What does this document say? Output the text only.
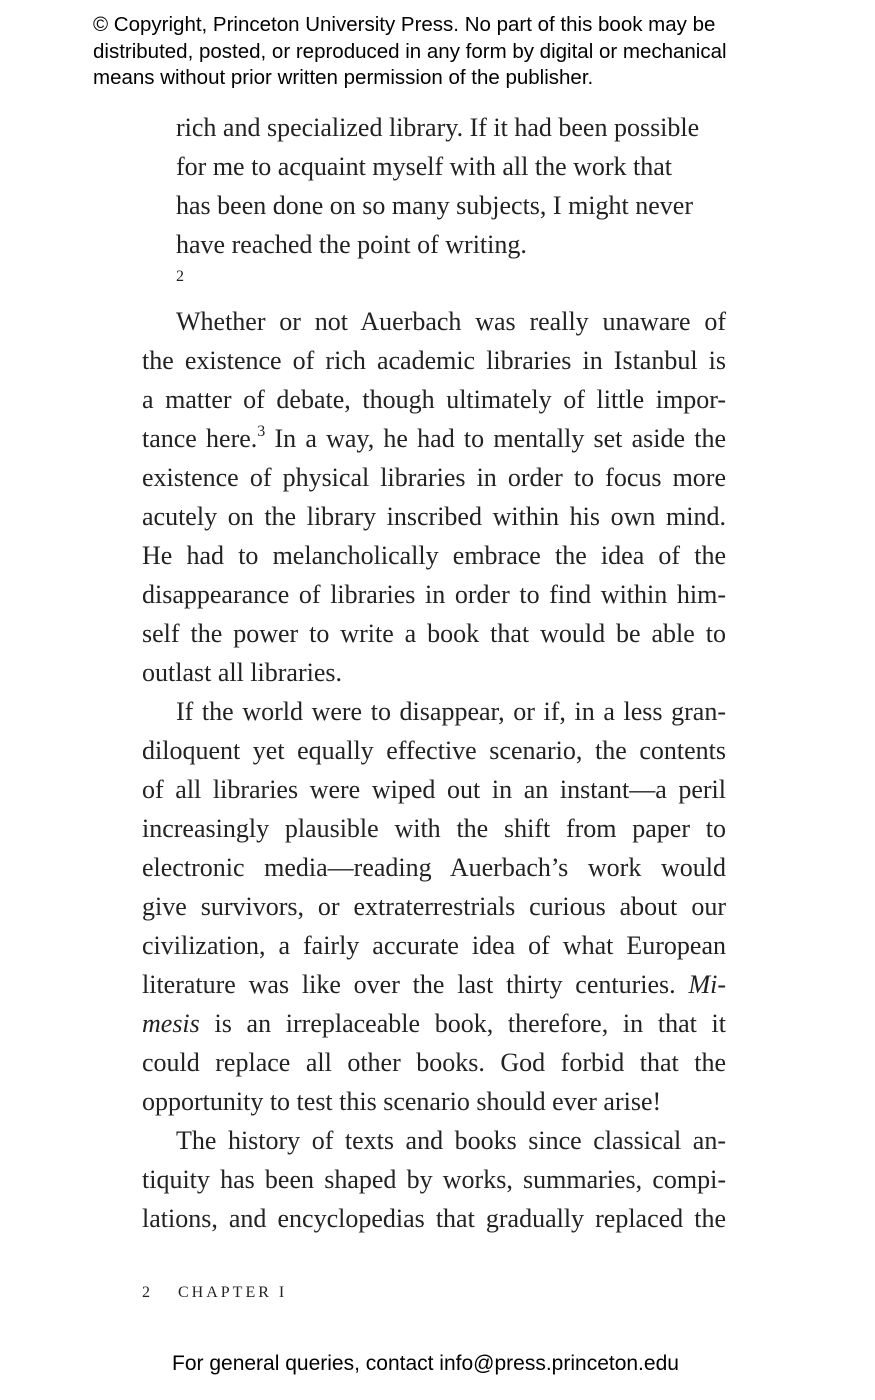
© Copyright, Princeton University Press. No part of this book may be
distributed, posted, or reproduced in any form by digital or mechanical
means without prior written permission of the publisher.
rich and specialized library. If it had been possible
for me to acquaint myself with all the work that
has been done on so many subjects, I might never
have reached the point of writing.
$^2$
Whether or not Auerbach was really unaware of
the existence of rich academic libraries in Istanbul is
a matter of debate, though ultimately of little impor-
tance here.$^3$ In a way, he had to mentally set aside the
existence of physical libraries in order to focus more
acutely on the library inscribed within his own mind.
He had to melancholically embrace the idea of the
disappearance of libraries in order to find within him-
self the power to write a book that would be able to
outlast all libraries.
If the world were to disappear, or if, in a less gran-
diloquent yet equally effective scenario, the contents
of all libraries were wiped out in an instant—a peril
increasingly plausible with the shift from paper to
electronic media—reading Auerbach’s work would
give survivors, or extraterrestrials curious about our
civilization, a fairly accurate idea of what European
literature was like over the last thirty centuries. Mi-
mesis is an irreplaceable book, therefore, in that it
could replace all other books. God forbid that the
opportunity to test this scenario should ever arise!
The history of texts and books since classical an-
tiquity has been shaped by works, summaries, compi-
lations, and encyclopedias that gradually replaced the
2 CHAPTER I
For general queries, contact info@press.princeton.edu
